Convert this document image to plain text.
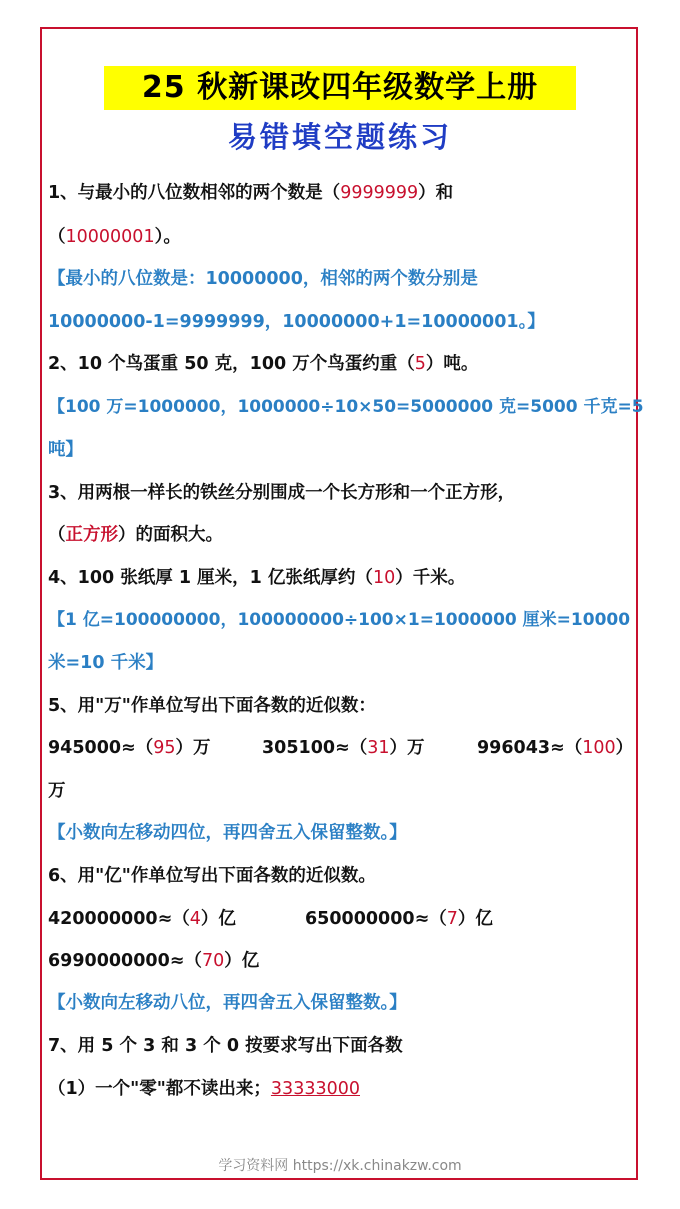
25 秋新课改四年级数学上册
易错填空题练习
1、与最小的八位数相邻的两个数是（9999999）和
（10000001）。
【最小的八位数是：10000000，相邻的两个数分别是
10000000-1=9999999，10000000+1=10000001。】
2、10 个鸟蛋重 50 克，100 万个鸟蛋约重（5）吨。
【100 万=1000000，1000000÷10×50=5000000 克=5000 千克=5
吨】
3、用两根一样长的铁丝分别围成一个长方形和一个正方形，
（正方形）的面积大。
4、100 张纸厚 1 厘米，1 亿张纸厚约（10）千米。
【1 亿=100000000，100000000÷100×1=1000000 厘米=10000
米=10 千米】
5、用"万"作单位写出下面各数的近似数：
945000≈（95）万	305100≈（31）万	996043≈（100）
万
【小数向左移动四位，再四舍五入保留整数。】
6、用"亿"作单位写出下面各数的近似数。
420000000≈（4）亿	650000000≈（7）亿
6990000000≈（70）亿
【小数向左移动八位，再四舍五入保留整数。】
7、用 5 个 3 和 3 个 0 按要求写出下面各数
（1）一个"零"都不读出来；33333000
学习资料网 https://xk.chinakzw.com
